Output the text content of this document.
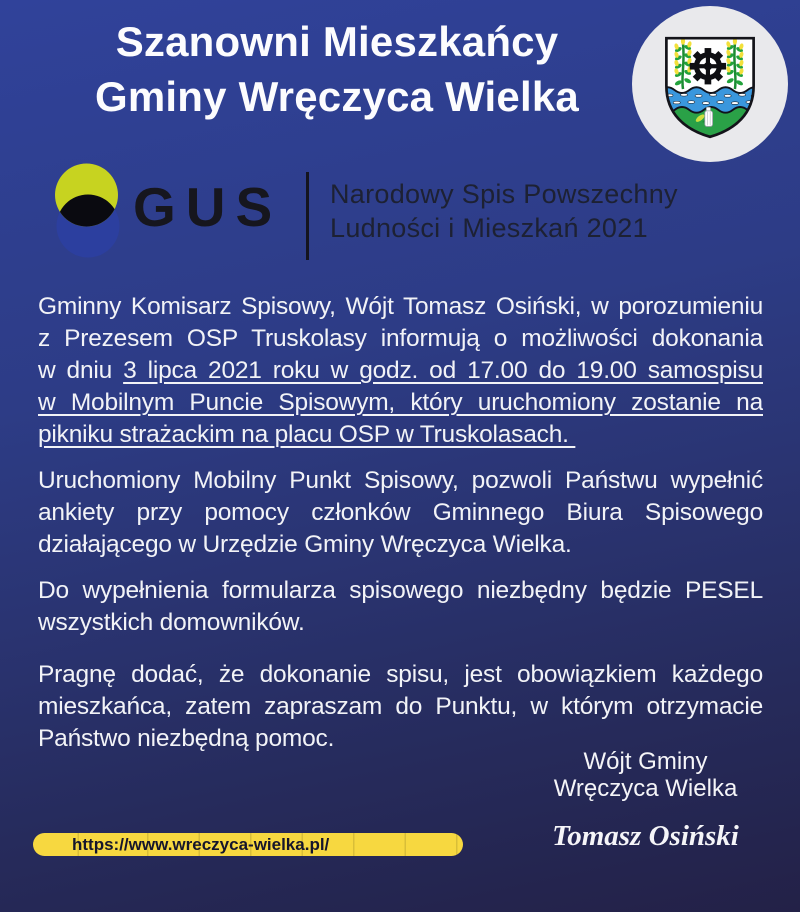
Szanowni Mieszkańcy
Gminy Wręczyca Wielka
GUS Narodowy Spis Powszechny
Ludności i Mieszkań 2021

Gminny Komisarz Spisowy, Wójt Tomasz Osiński, w porozumieniu
z Prezesem OSP Truskolasy informują o możliwości dokonania
w dniu 3 lipca 2021 roku w godz. od 17.00 do 19.00 samospisu
w Mobilnym Puncie Spisowym, który uruchomiony zostanie na
pikniku strażackim na placu OSP w Truskolasach.

Uruchomiony Mobilny Punkt Spisowy, pozwoli Państwu wypełnić
ankiety przy pomocy członków Gminnego Biura Spisowego
działającego w Urzędzie Gminy Wręczyca Wielka.

Do wypełnienia formularza spisowego niezbędny będzie PESEL
wszystkich domowników.

Pragnę dodać, że dokonanie spisu, jest obowiązkiem każdego
mieszkańca, zatem zapraszam do Punktu, w którym otrzymacie
Państwo niezbędną pomoc.

Wójt Gminy
Wręczyca Wielka
Tomasz Osiński
https://www.wreczyca-wielka.pl/
